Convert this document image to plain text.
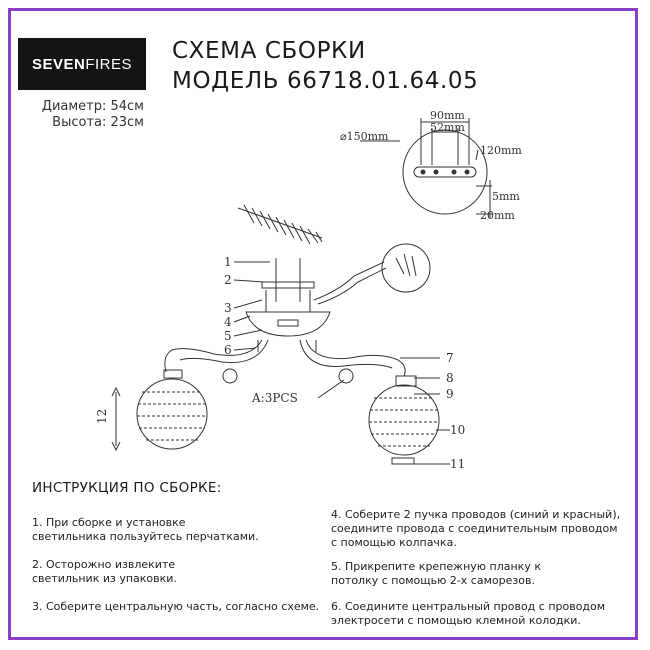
SEVEN FIRES СХЕМА СБОРКИ
МОДЕЛЬ 66718.01.64.05
Диаметр: 54см
Высота: 23см
⌀150mm
90mm
52mm
120mm
5mm
20mm
12
A:3PCS
1
2
3
4
5
6
7
8
9
10
11
ИНСТРУКЦИЯ ПО СБОРКЕ:
1. При сборке и установке
светильника пользуйтесь перчатками.
2. Осторожно извлеките
светильник из упаковки.
3. Соберите центральную часть, согласно схеме.
4. Соберите 2 пучка проводов (синий и красный),
соедините провода с соединительным проводом
с помощью колпачка.
5. Прикрепите крепежную планку к
потолку с помощью 2-х саморезов.
6. Соедините центральный провод с проводом
электросети с помощью клемной колодки.
